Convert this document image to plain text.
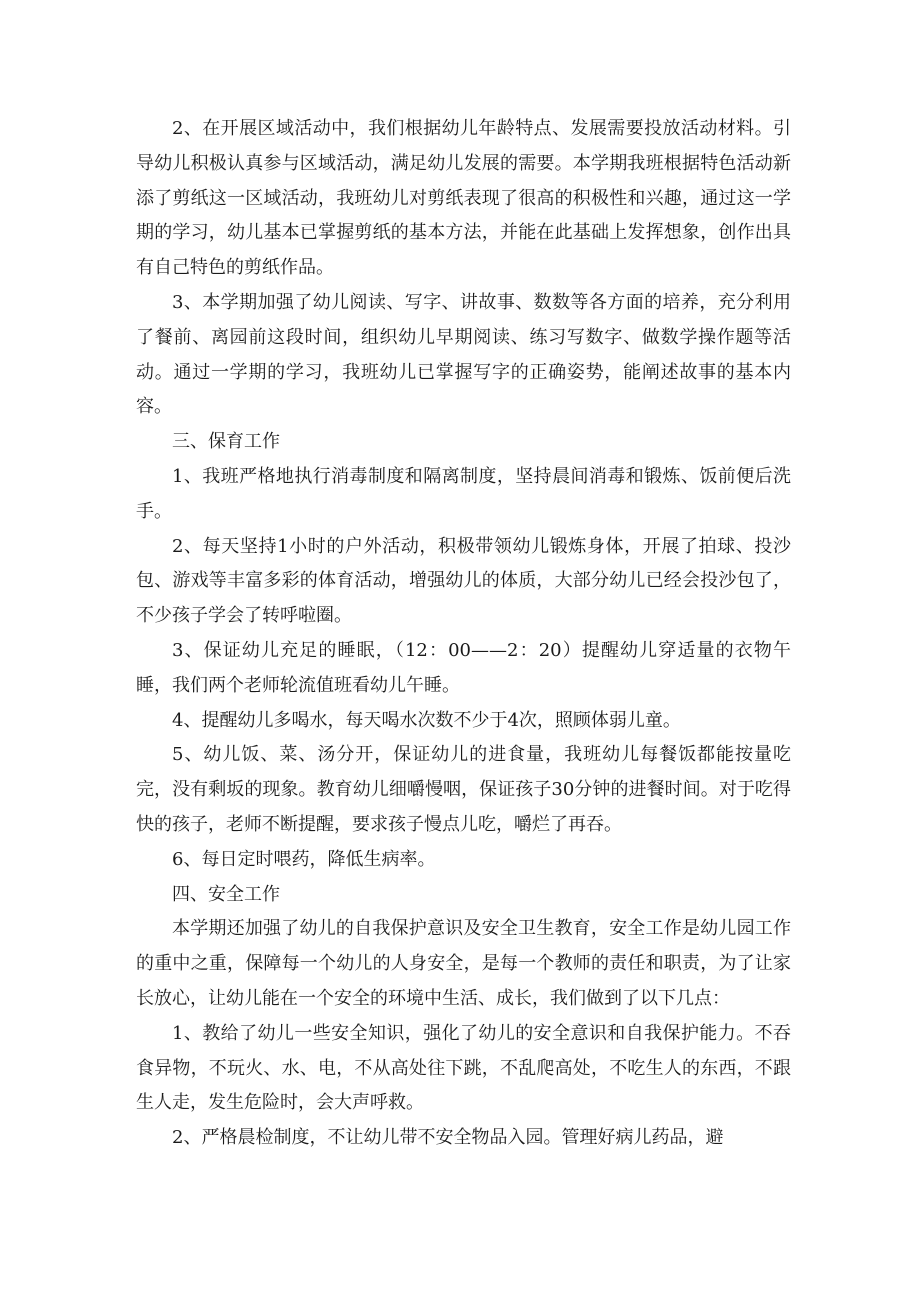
2、在开展区域活动中，我们根据幼儿年龄特点、发展需要投放活动材料。引导幼儿积极认真参与区域活动，满足幼儿发展的需要。本学期我班根据特色活动新添了剪纸这一区域活动，我班幼儿对剪纸表现了很高的积极性和兴趣，通过这一学期的学习，幼儿基本已掌握剪纸的基本方法，并能在此基础上发挥想象，创作出具有自己特色的剪纸作品。

3、本学期加强了幼儿阅读、写字、讲故事、数数等各方面的培养，充分利用了餐前、离园前这段时间，组织幼儿早期阅读、练习写数字、做数学操作题等活动。通过一学期的学习，我班幼儿已掌握写字的正确姿势，能阐述故事的基本内容。

三、保育工作

1、我班严格地执行消毒制度和隔离制度，坚持晨间消毒和锻炼、饭前便后洗手。

2、每天坚持1小时的户外活动，积极带领幼儿锻炼身体，开展了拍球、投沙包、游戏等丰富多彩的体育活动，增强幼儿的体质，大部分幼儿已经会投沙包了，不少孩子学会了转呼啦圈。

3、保证幼儿充足的睡眠，（12：00——2：20）提醒幼儿穿适量的衣物午睡，我们两个老师轮流值班看幼儿午睡。

4、提醒幼儿多喝水，每天喝水次数不少于4次，照顾体弱儿童。

5、幼儿饭、菜、汤分开，保证幼儿的进食量，我班幼儿每餐饭都能按量吃完，没有剩坂的现象。教育幼儿细嚼慢咽，保证孩子30分钟的进餐时间。对于吃得快的孩子，老师不断提醒，要求孩子慢点儿吃，嚼烂了再吞。

6、每日定时喂药，降低生病率。

四、安全工作

本学期还加强了幼儿的自我保护意识及安全卫生教育，安全工作是幼儿园工作的重中之重，保障每一个幼儿的人身安全，是每一个教师的责任和职责，为了让家长放心，让幼儿能在一个安全的环境中生活、成长，我们做到了以下几点：

1、教给了幼儿一些安全知识，强化了幼儿的安全意识和自我保护能力。不吞食异物，不玩火、水、电，不从高处往下跳，不乱爬高处，不吃生人的东西，不跟生人走，发生危险时，会大声呼救。

2、严格晨检制度，不让幼儿带不安全物品入园。管理好病儿药品，避
